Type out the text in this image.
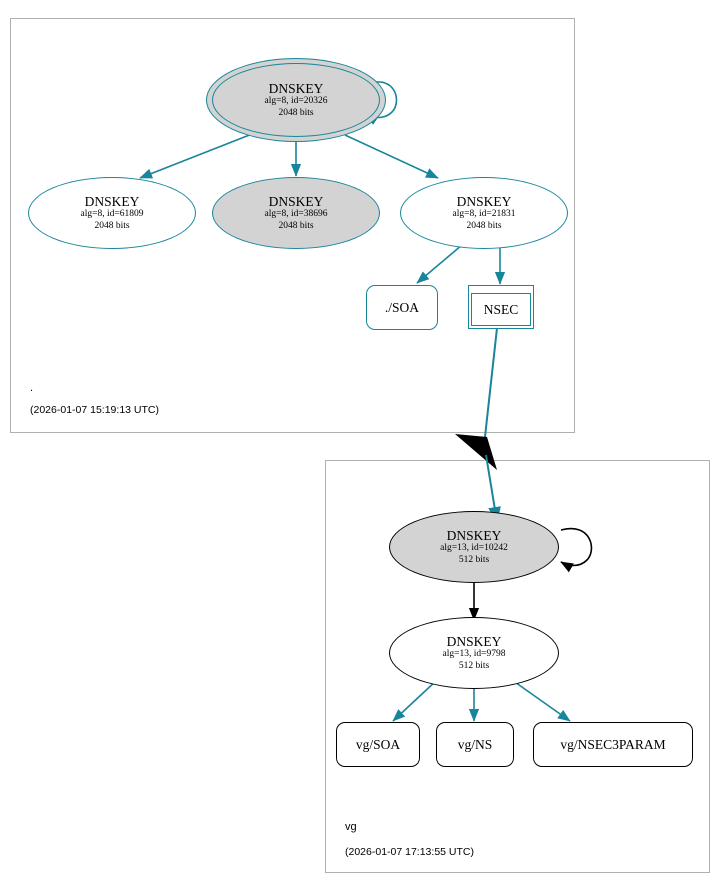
DNSKEY
alg=8, id=20326
2048 bits
DNSKEY
alg=8, id=61809
2048 bits
DNSKEY
alg=8, id=38696
2048 bits
DNSKEY
alg=8, id=21831
2048 bits
./SOA	NSEC
DNSKEY
alg=13, id=10242
512 bits
DNSKEY
alg=13, id=9798
512 bits
vg/SOA	vg/NS	vg/NSEC3PARAM
.
(2026-01-07 15:19:13 UTC)
vg
(2026-01-07 17:13:55 UTC)
